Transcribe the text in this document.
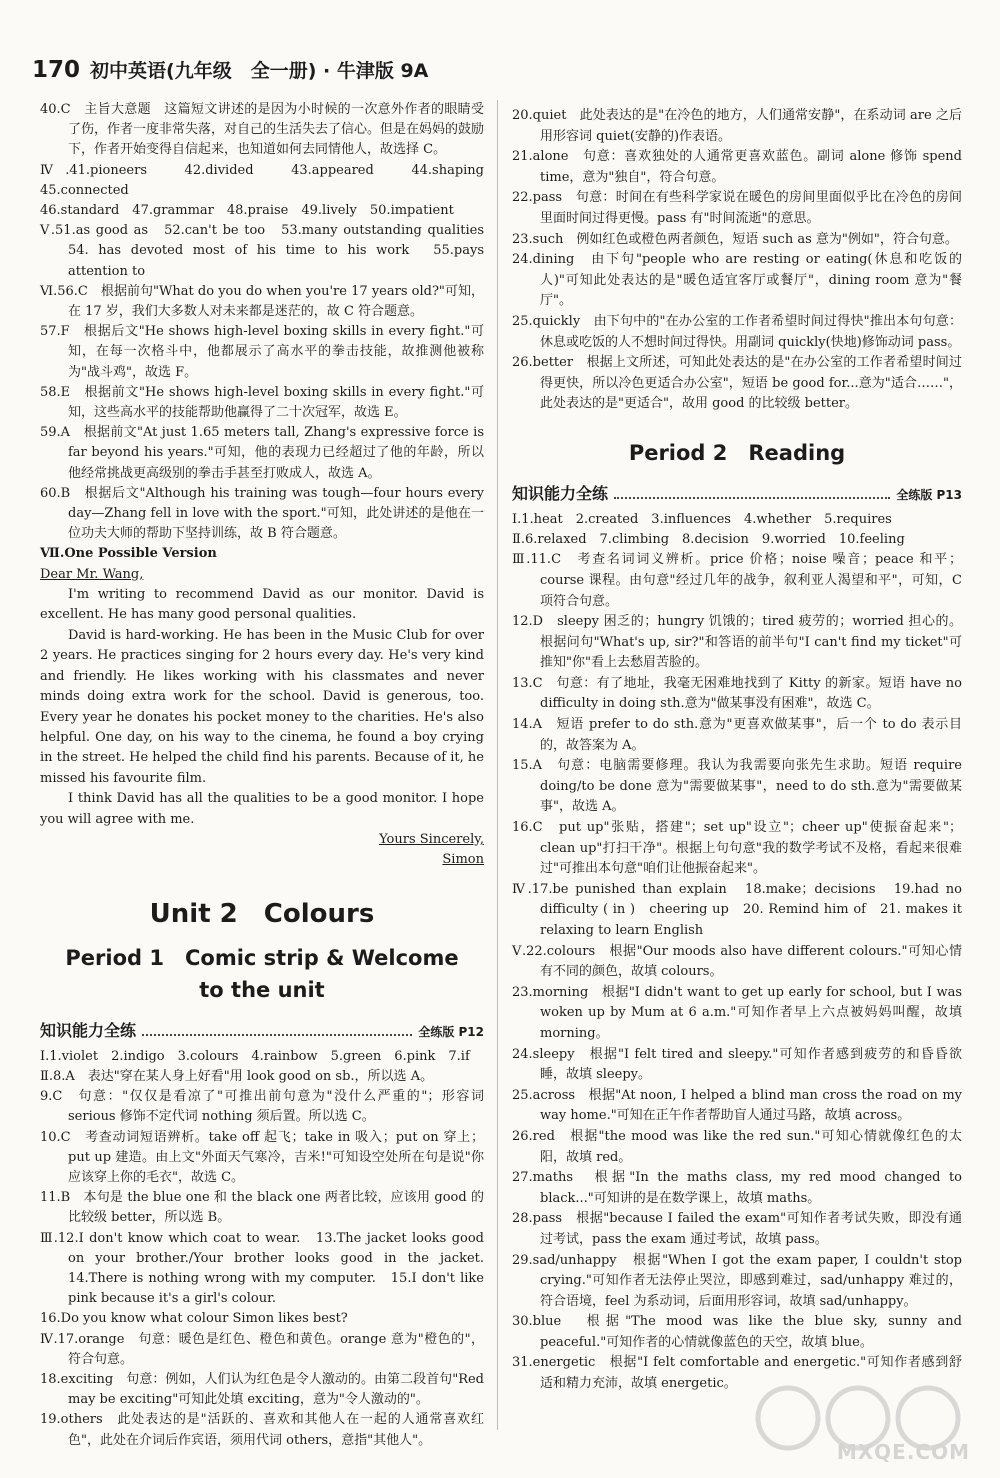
170 初中英语(九年级　全一册) · 牛津版 9A

40.C　主旨大意题　这篇短文讲述的是因为小时候的一次意外作者的眼睛受了伤，作者一度非常失落，对自己的生活失去了信心。但是在妈妈的鼓励下，作者开始变得自信起来，也知道如何去同情他人，故选择 C。

Ⅳ.41.pioneers　42.divided　43.appeared　44.shaping　45.connected

46.standard　47.grammar　48.praise　49.lively　50.impatient

Ⅴ.51.as good as　52.can't be too　53.many outstanding qualities　54. has devoted most of his time to his work　55.pays attention to

Ⅵ.56.C　根据前句"What do you do when you're 17 years old?"可知，在 17 岁，我们大多数人对未来都是迷茫的，故 C 符合题意。

57.F　根据后文"He shows high-level boxing skills in every fight."可知，在每一次格斗中，他都展示了高水平的拳击技能，故推测他被称为"战斗鸡"，故选 F。

58.E　根据前文"He shows high-level boxing skills in every fight."可知，这些高水平的技能帮助他赢得了二十次冠军，故选 E。

59.A　根据前文"At just 1.65 meters tall, Zhang's expressive force is far beyond his years."可知，他的表现力已经超过了他的年龄，所以他经常挑战更高级别的拳击手甚至打败成人，故选 A。

60.B　根据后文"Although his training was tough—four hours every day—Zhang fell in love with the sport."可知，此处讲述的是他在一位功夫大师的帮助下坚持训练，故 B 符合题意。

Ⅶ.One Possible Version

Dear Mr. Wang,

I'm writing to recommend David as our monitor. David is excellent. He has many good personal qualities.

David is hard-working. He has been in the Music Club for over 2 years. He practices singing for 2 hours every day. He's very kind and friendly. He likes working with his classmates and never minds doing extra work for the school. David is generous, too. Every year he donates his pocket money to the charities. He's also helpful. One day, on his way to the cinema, he found a boy crying in the street. He helped the child find his parents. Because of it, he missed his favourite film.

I think David has all the qualities to be a good monitor. I hope you will agree with me.

Yours Sincerely,

Simon

Unit 2　Colours
Period 1　Comic strip & Welcome
to the unit
知识能力全练	全练版 P12

Ⅰ.1.violet　2.indigo　3.colours　4.rainbow　5.green　6.pink　7.if

Ⅱ.8.A　表达"穿在某人身上好看"用 look good on sb.，所以选 A。

9.C　句意："仅仅是看凉了"可推出前句意为"没什么严重的"；形容词 serious 修饰不定代词 nothing 须后置。所以选 C。

10.C　考查动词短语辨析。take off 起飞；take in 吸入；put on 穿上；put up 建造。由上文"外面天气寒冷，吉米!"可知设空处所在句是说"你应该穿上你的毛衣"，故选 C。

11.B　本句是 the blue one 和 the black one 两者比较，应该用 good 的比较级 better，所以选 B。

Ⅲ.12.I don't know which coat to wear.　13.The jacket looks good on your brother./Your brother looks good in the jacket.　14.There is nothing wrong with my computer.　15.I don't like pink because it's a girl's colour.

16.Do you know what colour Simon likes best?

Ⅳ.17.orange　句意：暖色是红色、橙色和黄色。orange 意为"橙色的"，符合句意。

18.exciting　句意：例如，人们认为红色是令人激动的。由第二段首句"Red may be exciting"可知此处填 exciting，意为"令人激动的"。

19.others　此处表达的是"活跃的、喜欢和其他人在一起的人通常喜欢红色"，此处在介词后作宾语，须用代词 others，意指"其他人"。

20.quiet　此处表达的是"在冷色的地方，人们通常安静"，在系动词 are 之后用形容词 quiet(安静的)作表语。

21.alone　句意：喜欢独处的人通常更喜欢蓝色。副词 alone 修饰 spend time，意为"独自"，符合句意。

22.pass　句意：时间在有些科学家说在暖色的房间里面似乎比在冷色的房间里面时间过得更慢。pass 有"时间流逝"的意思。

23.such　例如红色或橙色两者颜色，短语 such as 意为"例如"，符合句意。

24.dining　由下句"people who are resting or eating(休息和吃饭的人)"可知此处表达的是"暖色适宜客厅或餐厅"，dining room 意为"餐厅"。

25.quickly　由下句中的"在办公室的工作者希望时间过得快"推出本句句意：休息或吃饭的人不想时间过得快。用副词 quickly(快地)修饰动词 pass。

26.better　根据上文所述，可知此处表达的是"在办公室的工作者希望时间过得更快，所以冷色更适合办公室"，短语 be good for...意为"适合……"，此处表达的是"更适合"，故用 good 的比较级 better。

Period 2　Reading
知识能力全练	全练版 P13

Ⅰ.1.heat　2.created　3.influences　4.whether　5.requires

Ⅱ.6.relaxed　7.climbing　8.decision　9.worried　10.feeling

Ⅲ.11.C　考查名词词义辨析。price 价格；noise 噪音；peace 和平；course 课程。由句意"经过几年的战争，叙利亚人渴望和平"，可知，C 项符合句意。

12.D　sleepy 困乏的；hungry 饥饿的；tired 疲劳的；worried 担心的。根据问句"What's up, sir?"和答语的前半句"I can't find my ticket"可推知"你"看上去愁眉苦脸的。

13.C　句意：有了地址，我毫无困难地找到了 Kitty 的新家。短语 have no difficulty in doing sth.意为"做某事没有困难"，故选 C。

14.A　短语 prefer to do sth.意为"更喜欢做某事"，后一个 to do 表示目的，故答案为 A。

15.A　句意：电脑需要修理。我认为我需要向张先生求助。短语 require doing/to be done 意为"需要做某事"，need to do sth.意为"需要做某事"，故选 A。

16.C　put up"张贴，搭建"；set up"设立"；cheer up"使振奋起来"；clean up"打扫干净"。根据上句句意"我的数学考试不及格，看起来很难过"可推出本句意"咱们让他振奋起来"。

Ⅳ.17.be punished than explain　18.make；decisions　19.had no difficulty ( in )　cheering up　20. Remind him of　21. makes it relaxing to learn English

Ⅴ.22.colours　根据"Our moods also have different colours."可知心情有不同的颜色，故填 colours。

23.morning　根据"I didn't want to get up early for school, but I was woken up by Mum at 6 a.m."可知作者早上六点被妈妈叫醒，故填 morning。

24.sleepy　根据"I felt tired and sleepy."可知作者感到疲劳的和昏昏欲睡，故填 sleepy。

25.across　根据"At noon, I helped a blind man cross the road on my way home."可知在正午作者帮助盲人通过马路，故填 across。

26.red　根据"the mood was like the red sun."可知心情就像红色的太阳，故填 red。

27.maths　根据"In the maths class, my red mood changed to black..."可知讲的是在数学课上，故填 maths。

28.pass　根据"because I failed the exam"可知作者考试失败，即没有通过考试，pass the exam 通过考试，故填 pass。

29.sad/unhappy　根据"When I got the exam paper, I couldn't stop crying."可知作者无法停止哭泣，即感到难过，sad/unhappy 难过的，符合语境，feel 为系动词，后面用形容词，故填 sad/unhappy。

30.blue　根据"The mood was like the blue sky, sunny and peaceful."可知作者的心情就像蓝色的天空，故填 blue。

31.energetic　根据"I felt comfortable and energetic."可知作者感到舒适和精力充沛，故填 energetic。

MXQE.COM
